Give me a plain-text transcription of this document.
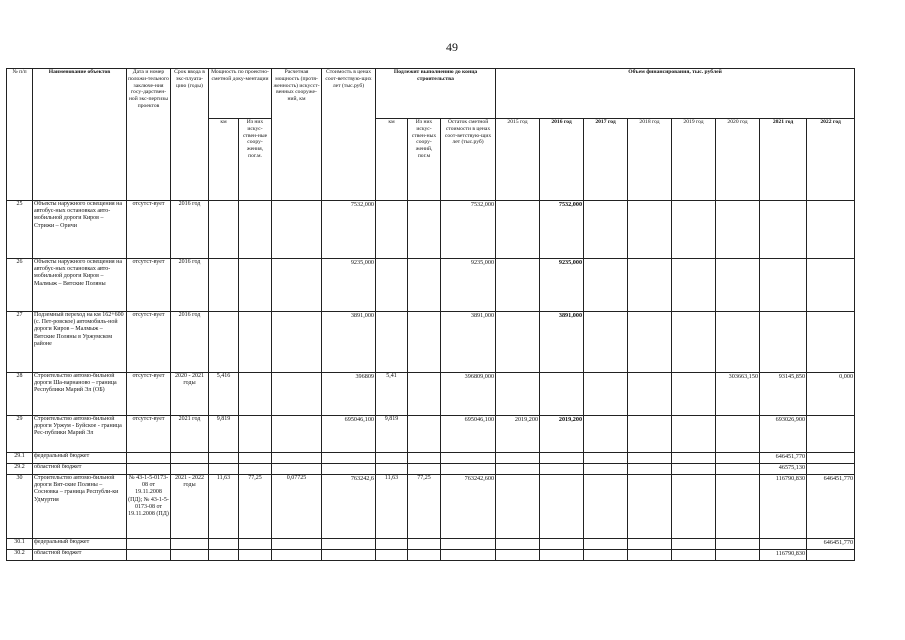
49
№ п/п	Наименование объектов	Дата и номер положи-тельного заключе-ния госу-дарствен-ной экс-пертизы проектов	Срок ввода в экс-плуата-цию (годы)	Мощность по проектно-сметной доку-ментации		Расчетная мощность (протя-женность) искусст-венных сооруже-ний, км	Стоимость в ценах соот-ветствую-щих лет (тыс.руб)	Подлежит выполнению до конца строительства			Объем финансирования, тыс. рублей							
				км	Из них искус-ствен-ные соору-жения, пог.м.			км	Из них искус-ствен-ных соору-жений, пог.м	Остаток сметной стоимости в ценах соот-ветствую-щих лет (тыс.руб)	2015 год	2016 год	2017 год	2018 год	2019 год	2020 год	2021 год	2022 год
25	Объекты наружного освещения на автобус-ных остановках авто-мобильной дороги Киров – Стрижи – Оричи	отсутст-вует	2016 год				7532,000			7532,000		7532,000						
26	Объекты наружного освещения на автобус-ных остановках авто-мобильной дороги Киров – Малмыж – Вятские Поляны	отсутст-вует	2016 год				9235,000			9235,000		9235,000						
27	Подземный переход на км 162+600 (с. Пет-ровское) автомобиль-ной дороги Киров – Малмыж – Вятские Поляны в Уржумском районе	отсутст-вует	2016 год				3891,000			3891,000		3891,000						
28	Строительство автомо-бильной дороги Ша-варнаново – граница Республики Марий Эл (ОБ)	отсутст-вует	2020 - 2021 годы	5,416			396809	5,41		396809,000						303663,150	93145,850	0,000
29	Строительство автомо-бильной дороги Уржум - Буйское - граница Рес-публики Марий Эл	отсутст-вует	2021 год	9,819			695046,100	9,819		695046,100	2019,200	2019,200					693026,900	
29.1	федеральный бюджет																646451,770	
29.2	областной бюджет																46575,130	
30	Строительство автомо-бильной дороги Вят-ские Поляны – Сосновка – граница Республи-ки Удмуртия	№ 43-1-5-0173-08 от 19.11.2008 (ПД); № 43-1-5-0173-08 от 19.11.2008 (ПД)	2021 - 2022 годы	11,63	77,25	0,07725	763242,6	11,63	77,25	763242,600							116790,830	646451,770
30.1	федеральный бюджет																	646451,770
30.2	областной бюджет																116790,830	
